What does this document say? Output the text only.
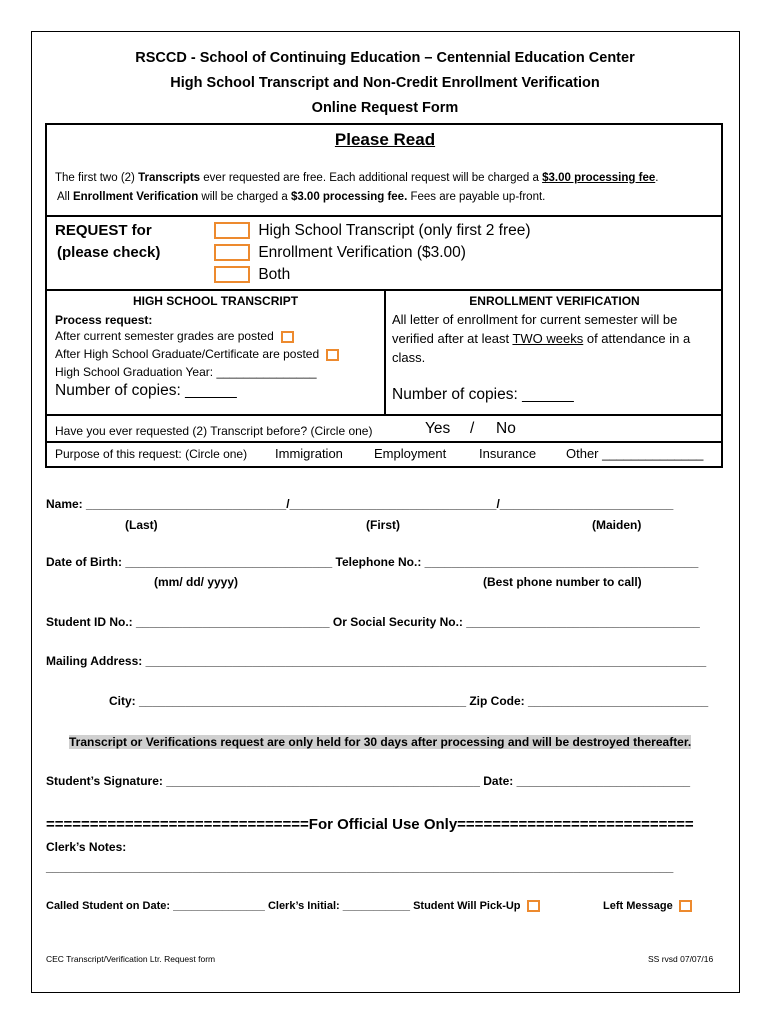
RSCCD - School of Continuing Education – Centennial Education Center
High School Transcript and Non-Credit Enrollment Verification
Online Request Form
Please Read
The first two (2) Transcripts ever requested are free. Each additional request will be charged a $3.00 processing fee.
All Enrollment Verification will be charged a $3.00 processing fee. Fees are payable up-front.
REQUEST for
(please check)
High School Transcript (only first 2 free)
Enrollment Verification ($3.00)
Both
HIGH SCHOOL TRANSCRIPT
Process request:
After current semester grades are posted
After High School Graduate/Certificate are posted
High School Graduation Year: _______________
Number of copies: ______
ENROLLMENT VERIFICATION
All letter of enrollment for current semester will be
verified after at least TWO weeks of attendance in a
class.
Number of copies: ______
Have you ever requested (2) Transcript before? (Circle one)	Yes / No
Purpose of this request: (Circle one) Immigration Employment	Insurance Other ______________
Name: ______________________________/_______________________________/__________________________
(Last)	(First)	(Maiden)
Date of Birth: _______________________________ Telephone No.: _________________________________________
(mm/ dd/ yyyy)	(Best phone number to call)
Student ID No.: _____________________________ Or Social Security No.: ___________________________________
Mailing Address: ____________________________________________________________________________________
City: _________________________________________________ Zip Code: ___________________________
Transcript or Verifications request are only held for 30 days after processing and will be destroyed thereafter.
Student’s Signature: _______________________________________________ Date: __________________________
==============================For Official Use Only===========================
Clerk’s Notes:
______________________________________________________________________________________________
Called Student on Date: _______________ Clerk’s Initial: ___________ Student Will Pick-Up	Left Message
CEC Transcript/Verification Ltr. Request form	SS rvsd 07/07/16
